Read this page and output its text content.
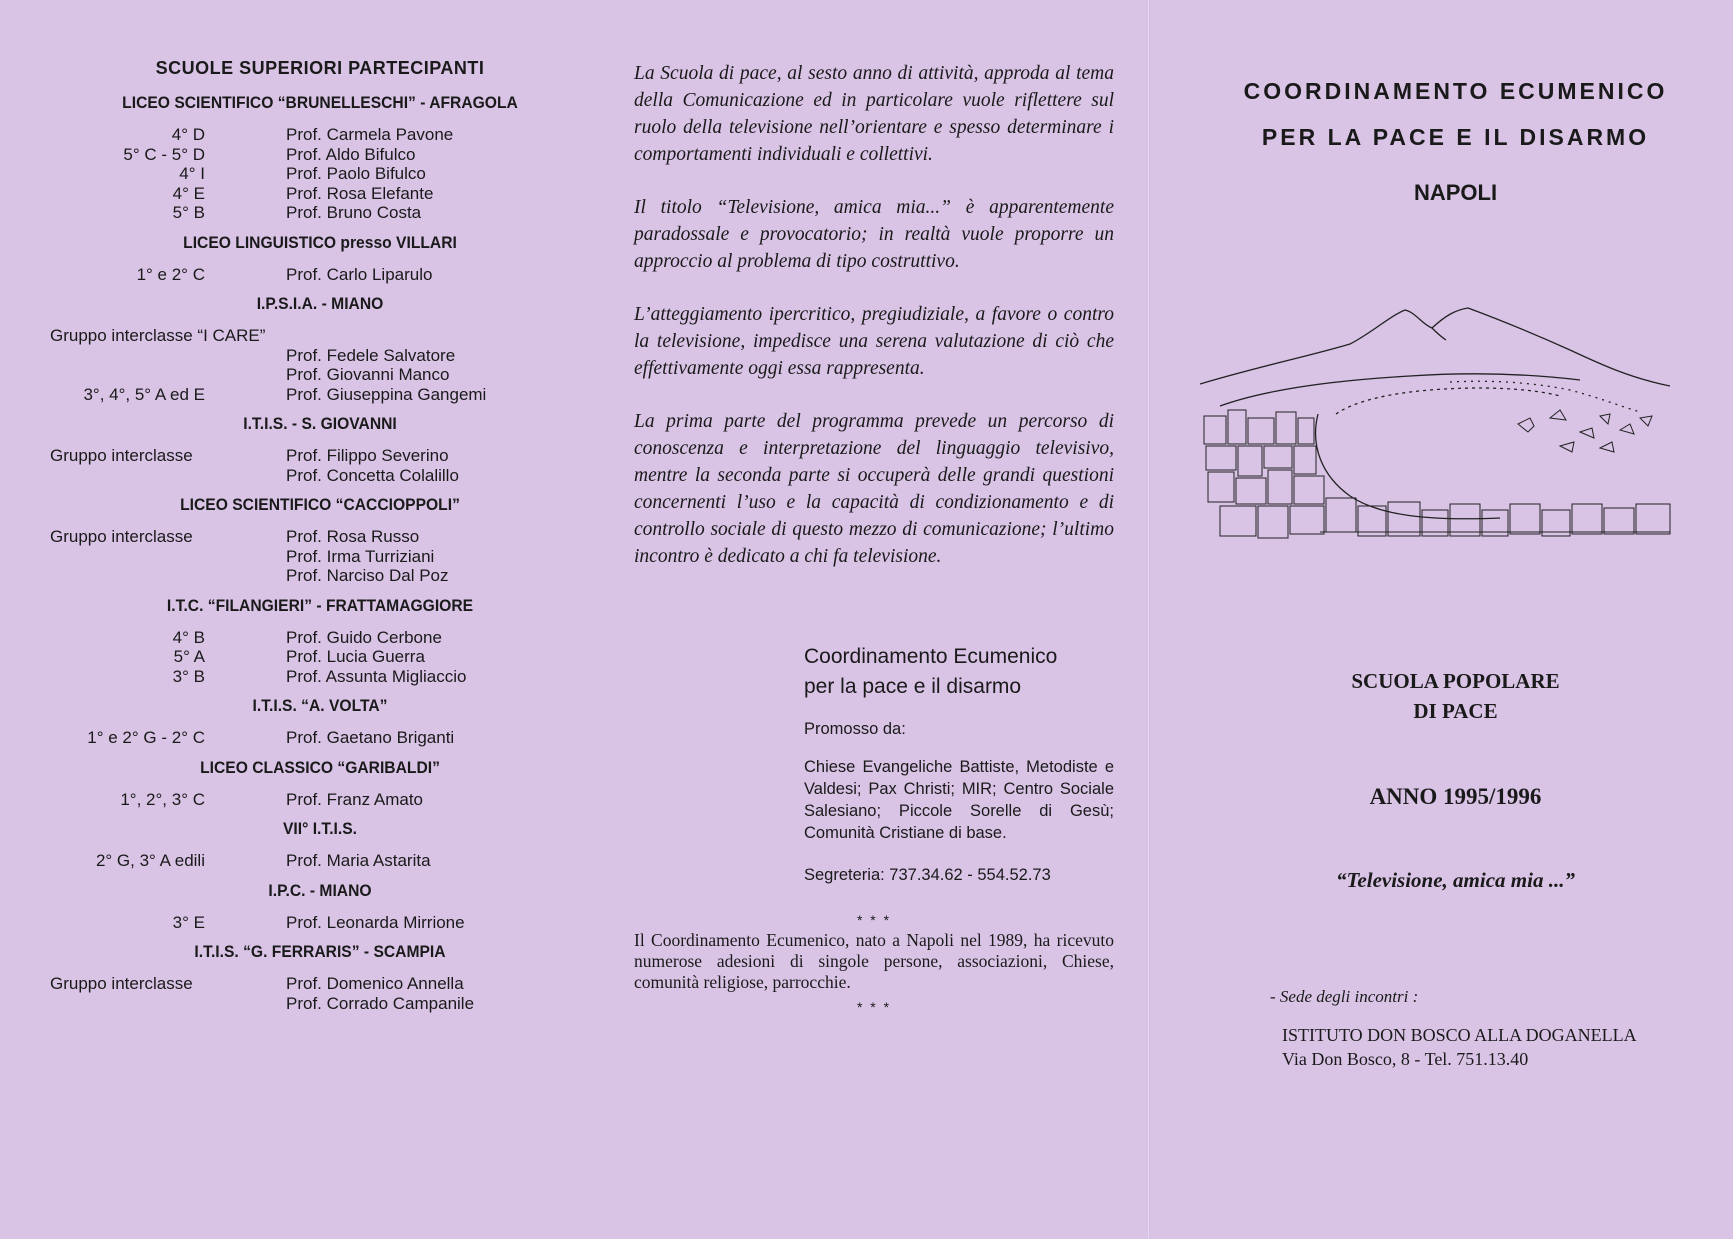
SCUOLE SUPERIORI PARTECIPANTI
LICEO SCIENTIFICO “BRUNELLESCHI” - AFRAGOLA
4° D	Prof. Carmela Pavone
5° C - 5° D	Prof. Aldo Bifulco
4° I	Prof. Paolo Bifulco
4° E	Prof. Rosa Elefante
5° B	Prof. Bruno Costa
LICEO LINGUISTICO presso VILLARI
1° e 2° C	Prof. Carlo Liparulo
I.P.S.I.A. - MIANO
Gruppo interclasse “I CARE”
Prof. Fedele Salvatore
Prof. Giovanni Manco
3°, 4°, 5° A ed E	Prof. Giuseppina Gangemi
I.T.I.S. - S. GIOVANNI
Gruppo interclasse	Prof. Filippo Severino
Prof. Concetta Colalillo
LICEO SCIENTIFICO “CACCIOPPOLI”
Gruppo interclasse	Prof. Rosa Russo
Prof. Irma Turriziani
Prof. Narciso Dal Poz
I.T.C. “FILANGIERI” - FRATTAMAGGIORE
4° B	Prof. Guido Cerbone
5° A	Prof. Lucia Guerra
3° B	Prof. Assunta Migliaccio
I.T.I.S. “A. VOLTA”
1° e 2° G - 2° C	Prof. Gaetano Briganti
LICEO CLASSICO “GARIBALDI”
1°, 2°, 3° C	Prof. Franz Amato
VII° I.T.I.S.
2° G, 3° A edili	Prof. Maria Astarita
I.P.C. - MIANO
3° E	Prof. Leonarda Mirrione
I.T.I.S. “G. FERRARIS” - SCAMPIA
Gruppo interclasse	Prof. Domenico Annella
Prof. Corrado Campanile

La Scuola di pace, al sesto anno di attività, approda al tema della Comunicazione ed in particolare vuole riflettere sul ruolo della televisione nell’orientare e spesso determinare i comportamenti individuali e collettivi.

Il titolo “Televisione, amica mia...” è apparentemente paradossale e provocatorio; in realtà vuole proporre un approccio al problema di tipo costruttivo.

L’atteggiamento ipercritico, pregiudiziale, a favore o contro la televisione, impedisce una serena valutazione di ciò che effettivamente oggi essa rappresenta.

La prima parte del programma prevede un percorso di conoscenza e interpretazione del linguaggio televisivo, mentre la seconda parte si occuperà delle grandi questioni concernenti l’uso e la capacità di condizionamento e di controllo sociale di questo mezzo di comunicazione; l’ultimo incontro è dedicato a chi fa televisione.

Coordinamento Ecumenico
per la pace e il disarmo
Promosso da:
Chiese Evangeliche Battiste, Metodiste e Valdesi; Pax Christi; MIR; Centro Sociale Salesiano; Piccole Sorelle di Gesù; Comunità Cristiane di base.
Segreteria: 737.34.62 - 554.52.73
* * *
Il Coordinamento Ecumenico, nato a Napoli nel 1989, ha ricevuto numerose adesioni di singole persone, associazioni, Chiese, comunità religiose, parrocchie.
* * *
COORDINAMENTO ECUMENICO
PER LA PACE E IL DISARMO
NAPOLI
SCUOLA POPOLARE
DI PACE
ANNO 1995/1996
“Televisione, amica mia ...”
- Sede degli incontri :
ISTITUTO DON BOSCO ALLA DOGANELLA
Via Don Bosco, 8 - Tel. 751.13.40
